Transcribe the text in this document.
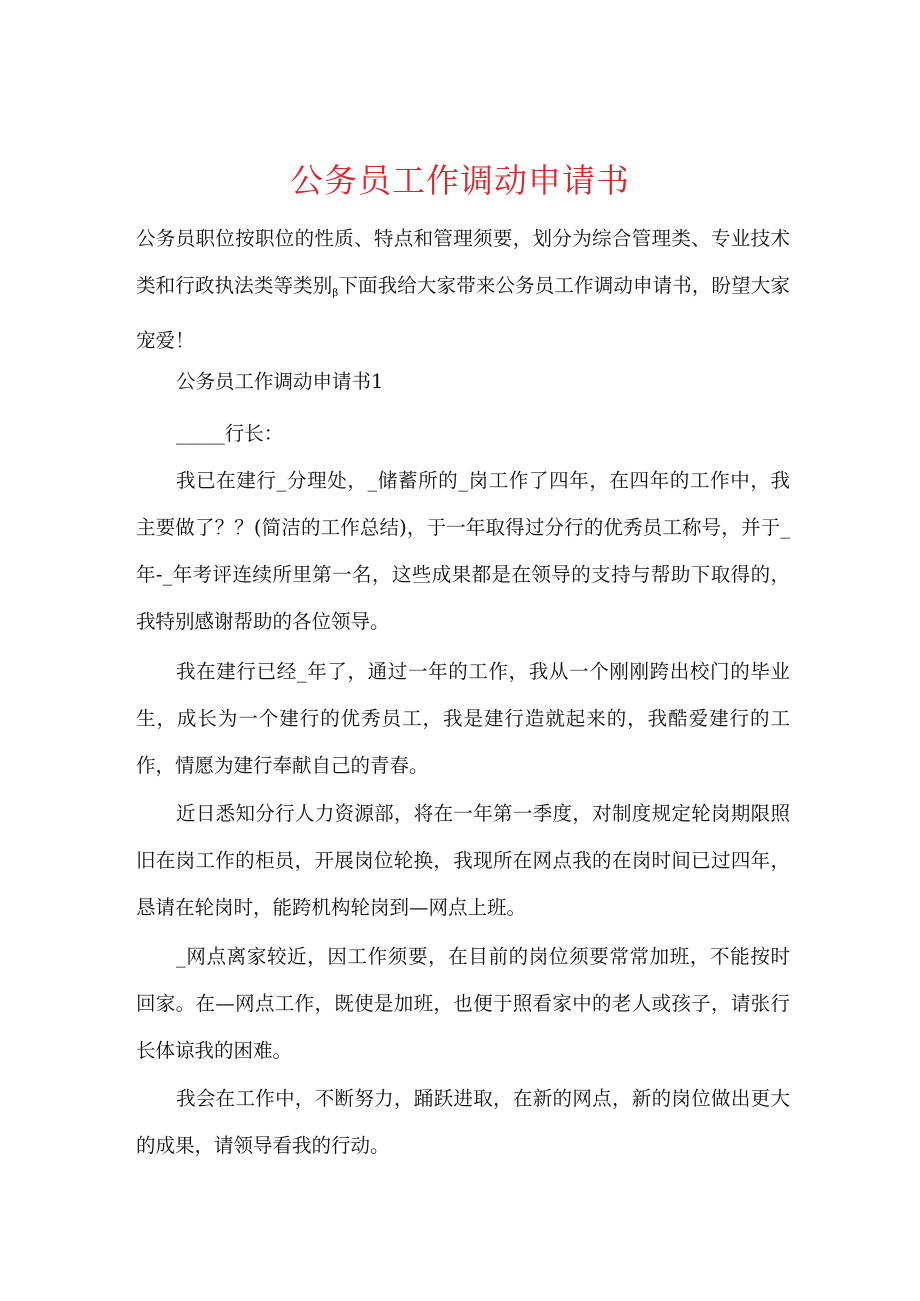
公务员工作调动申请书

公务员职位按职位的性质、特点和管理须要，划分为综合管理类、专业技术类和行政执法类等类别$_\beta$下面我给大家带来公务员工作调动申请书，盼望大家宠爱！

公务员工作调动申请书1

_____行长：

我已在建行_分理处，_储蓄所的_岗工作了四年，在四年的工作中，我主要做了？？(简洁的工作总结)，于一年取得过分行的优秀员工称号，并于_年-_年考评连续所里第一名，这些成果都是在领导的支持与帮助下取得的，我特别感谢帮助的各位领导。

我在建行已经_年了，通过一年的工作，我从一个刚刚跨出校门的毕业生，成长为一个建行的优秀员工，我是建行造就起来的，我酷爱建行的工作，情愿为建行奉献自己的青春。

近日悉知分行人力资源部，将在一年第一季度，对制度规定轮岗期限照旧在岗工作的柜员，开展岗位轮换，我现所在网点我的在岗时间已过四年，恳请在轮岗时，能跨机构轮岗到—网点上班。

_网点离家较近，因工作须要，在目前的岗位须要常常加班，不能按时回家。在—网点工作，既使是加班，也便于照看家中的老人或孩子，请张行长体谅我的困难。

我会在工作中，不断努力，踊跃进取，在新的网点，新的岗位做出更大的成果，请领导看我的行动。
